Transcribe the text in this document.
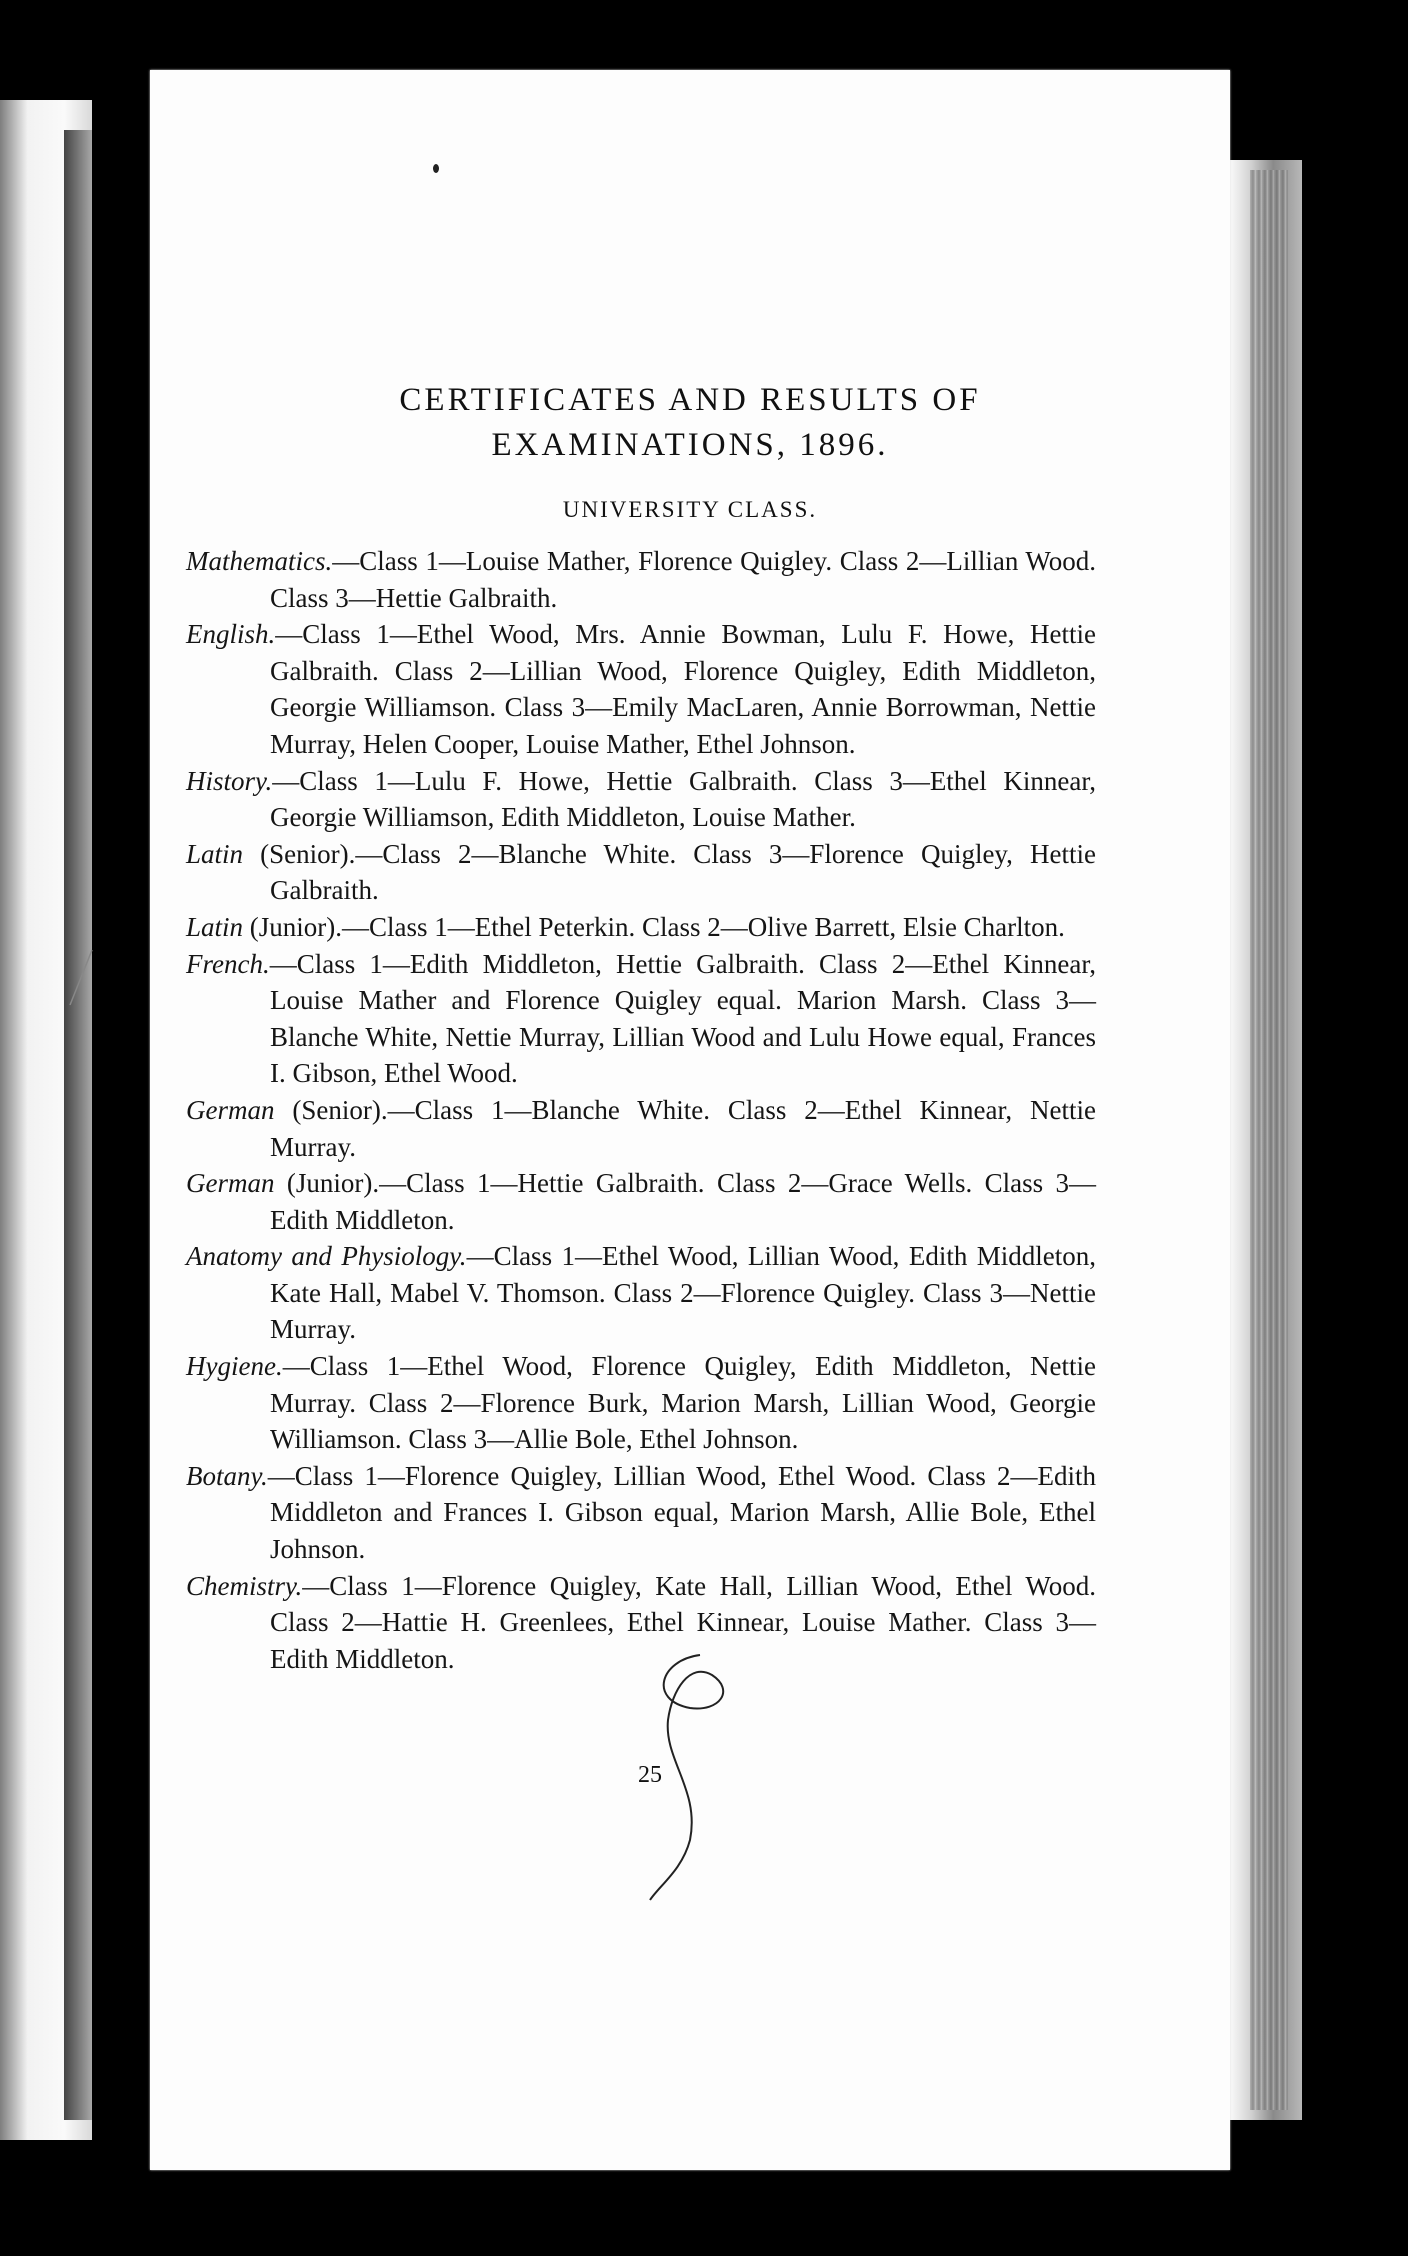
CERTIFICATES AND RESULTS OF
EXAMINATIONS, 1896.
UNIVERSITY CLASS.

Mathematics.—Class 1—Louise Mather, Florence Quigley. Class 2—Lillian Wood. Class 3—Hettie Galbraith.

English.—Class 1—Ethel Wood, Mrs. Annie Bowman, Lulu F. Howe, Hettie Galbraith. Class 2—Lillian Wood, Florence Quigley, Edith Middleton, Georgie Williamson. Class 3—Emily MacLaren, Annie Borrowman, Nettie Murray, Helen Cooper, Louise Mather, Ethel Johnson.

History.—Class 1—Lulu F. Howe, Hettie Galbraith. Class 3—Ethel Kinnear, Georgie Williamson, Edith Middleton, Louise Mather.

Latin (Senior).—Class 2—Blanche White. Class 3—Florence Quigley, Hettie Galbraith.

Latin (Junior).—Class 1—Ethel Peterkin. Class 2—Olive Barrett, Elsie Charlton.

French.—Class 1—Edith Middleton, Hettie Galbraith. Class 2—Ethel Kinnear, Louise Mather and Florence Quigley equal. Marion Marsh. Class 3—Blanche White, Nettie Murray, Lillian Wood and Lulu Howe equal, Frances I. Gibson, Ethel Wood.

German (Senior).—Class 1—Blanche White. Class 2—Ethel Kinnear, Nettie Murray.

German (Junior).—Class 1—Hettie Galbraith. Class 2—Grace Wells. Class 3—Edith Middleton.

Anatomy and Physiology.—Class 1—Ethel Wood, Lillian Wood, Edith Middleton, Kate Hall, Mabel V. Thomson. Class 2—Florence Quigley. Class 3—Nettie Murray.

Hygiene.—Class 1—Ethel Wood, Florence Quigley, Edith Middleton, Nettie Murray. Class 2—Florence Burk, Marion Marsh, Lillian Wood, Georgie Williamson. Class 3—Allie Bole, Ethel Johnson.

Botany.—Class 1—Florence Quigley, Lillian Wood, Ethel Wood. Class 2—Edith Middleton and Frances I. Gibson equal, Marion Marsh, Allie Bole, Ethel Johnson.

Chemistry.—Class 1—Florence Quigley, Kate Hall, Lillian Wood, Ethel Wood. Class 2—Hattie H. Greenlees, Ethel Kinnear, Louise Mather. Class 3—Edith Middleton.

25
